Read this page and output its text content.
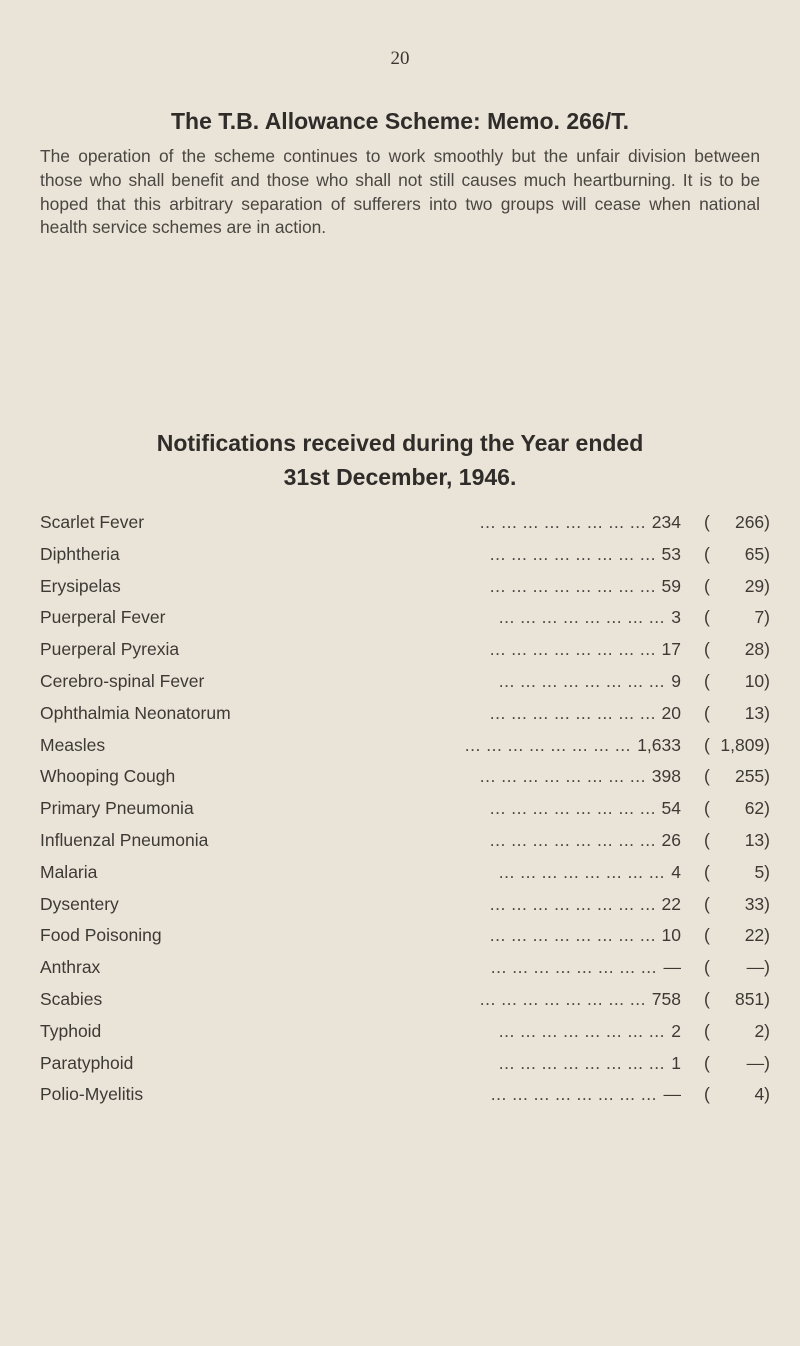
20
The T.B. Allowance Scheme: Memo. 266/T.

The operation of the scheme continues to work smoothly but the unfair division between those who shall benefit and those who shall not still causes much heartburning. It is to be hoped that this arbitrary separation of sufferers into two groups will cease when national health service schemes are in action.

Notifications received during the Year ended
31st December, 1946.
Scarlet Fever	... ... ... ... ... ... ... ... 234 ( 266)
Diphtheria	... ... ... ... ... ... ... ... 53 ( 65)
Erysipelas	... ... ... ... ... ... ... ... 59 ( 29)
Puerperal Fever	... ... ... ... ... ... ... ... 3 (	7)
Puerperal Pyrexia	... ... ... ... ... ... ... ... 17 ( 28)
Cerebro-spinal Fever	... ... ... ... ... ... ... ... 9 ( 10)
Ophthalmia Neonatorum	... ... ... ... ... ... ... ... 20 ( 13)
Measles	... ... ... ... ... ... ... ... 1,633 ( 1,809)
Whooping Cough	... ... ... ... ... ... ... ... 398 ( 255)
Primary Pneumonia	... ... ... ... ... ... ... ... 54 ( 62)
Influenzal Pneumonia	... ... ... ... ... ... ... ... 26 ( 13)
Malaria	... ... ... ... ... ... ... ... 4 (	5)
Dysentery	... ... ... ... ... ... ... ... 22 ( 33)
Food Poisoning	... ... ... ... ... ... ... ... 10 ( 22)
Anthrax	... ... ... ... ... ... ... ... — ( —)
Scabies	... ... ... ... ... ... ... ... 758 ( 851)
Typhoid	... ... ... ... ... ... ... ... 2 (	2)
Paratyphoid	... ... ... ... ... ... ... ... 1 ( —)
Polio-Myelitis	... ... ... ... ... ... ... ... — (	4)
